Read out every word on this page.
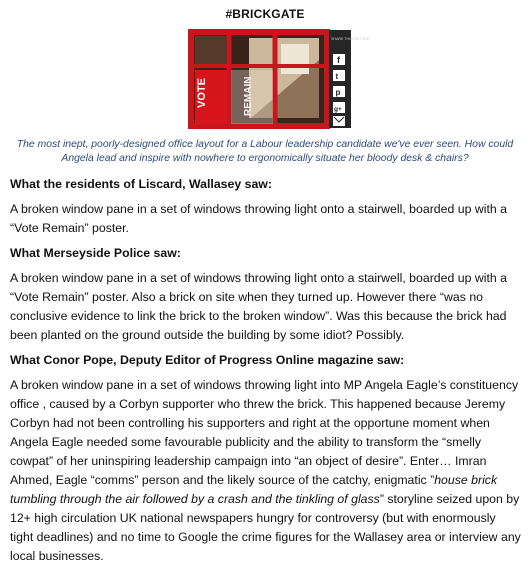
#BRICKGATE
VOTE	REMAIN
SHARE THIS PICTURE
f
t
p
g+
The most inept, poorly-designed office layout for a Labour leadership candidate we've ever seen. How could Angela lead and inspire with nowhere to ergonomically situate her bloody desk & chairs?
What the residents of Liscard, Wallasey saw:
A broken window pane in a set of windows throwing light onto a stairwell, boarded up with a “Vote Remain” poster.
What Merseyside Police saw:
A broken window pane in a set of windows throwing light onto a stairwell, boarded up with a “Vote Remain” poster. Also a brick on site when they turned up. However there “was no conclusive evidence to link the brick to the broken window”. Was this because the brick had been planted on the ground outside the building by some idiot? Possibly.
What Conor Pope, Deputy Editor of Progress Online magazine saw:
A broken window pane in a set of windows throwing light into MP Angela Eagle’s constituency office , caused by a Corbyn supporter who threw the brick. This happened because Jeremy Corbyn had not been controlling his supporters and right at the opportune moment when Angela Eagle needed some favourable publicity and the ability to transform the “smelly cowpat” of her uninspiring leadership campaign into “an object of desire”. Enter… Imran Ahmed, Eagle “comms” person and the likely source of the catchy, enigmatic ”house brick tumbling through the air followed by a crash and the tinkling of glass” storyline seized upon by 12+ high circulation UK national newspapers hungry for controversy (but with enormously tight deadlines) and no time to Google the crime figures for the Wallasey area or interview any local businesses.
